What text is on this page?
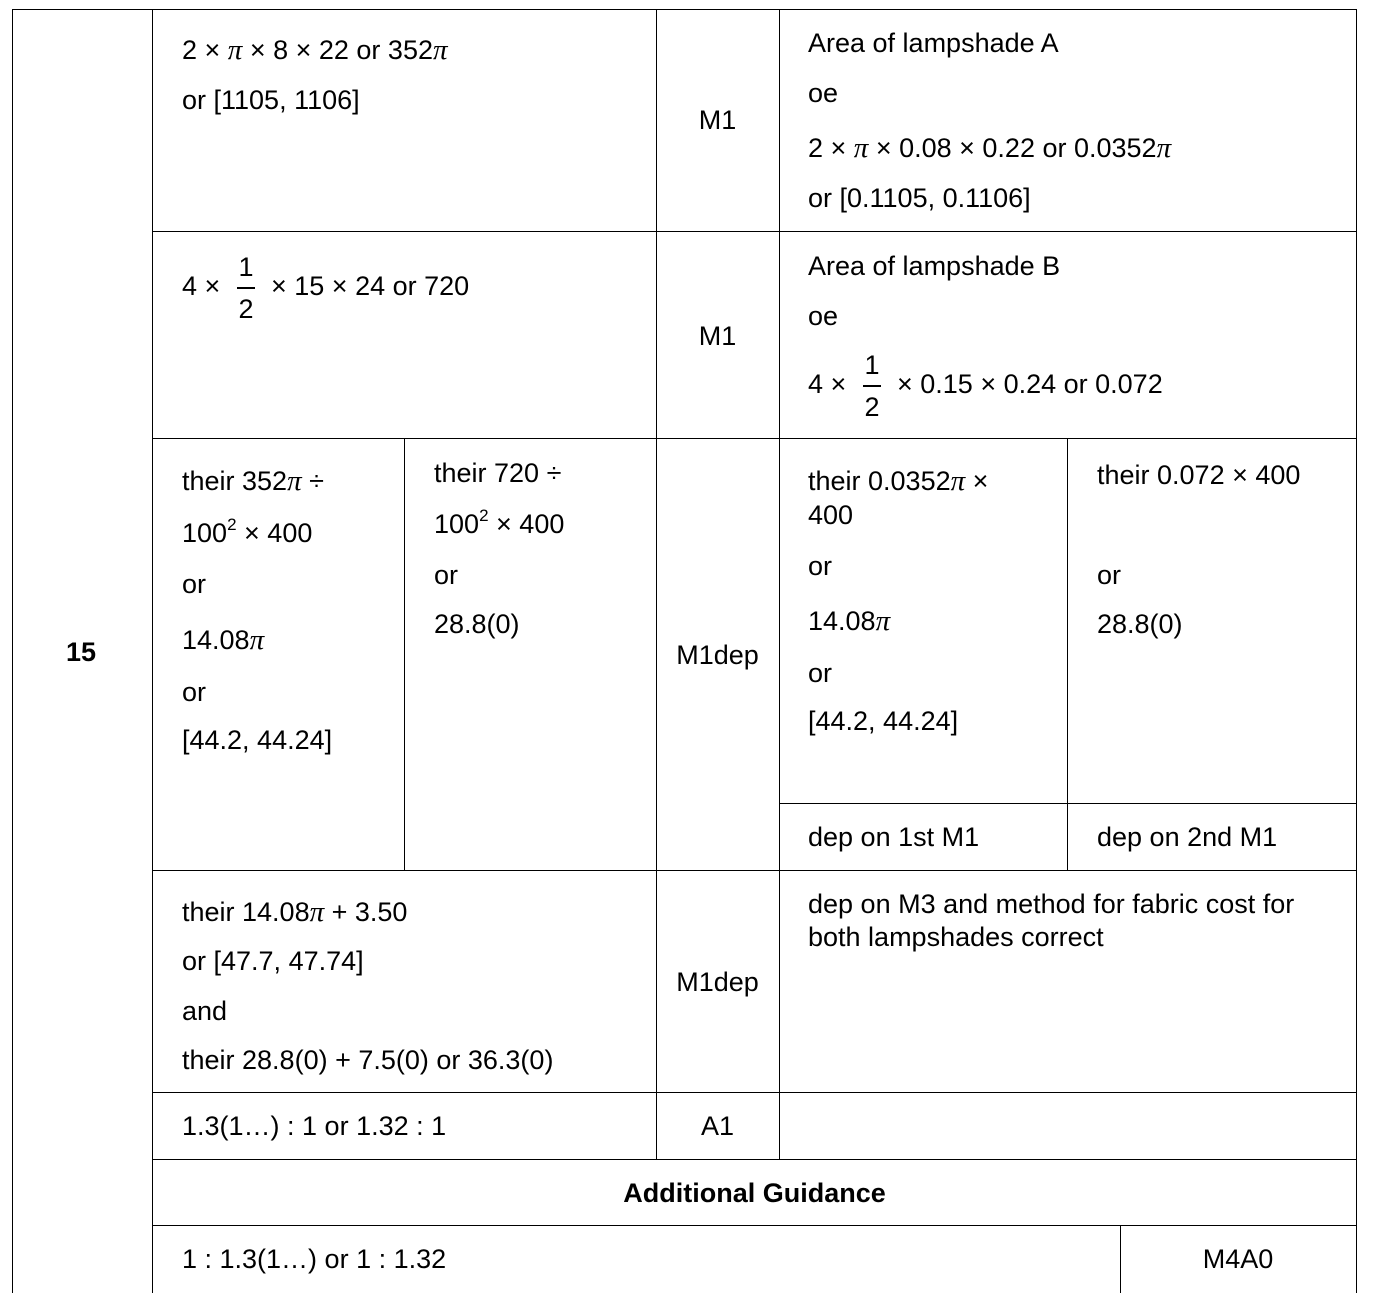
15
2 × π × 8 × 22 or 352π
or [1105, 1106]
M1
Area of lampshade A
oe
2 × π × 0.08 × 0.22 or 0.0352π
or [0.1105, 0.1106]
4 ×
1
2
× 15 × 24 or 720
M1
Area of lampshade B
oe
4 ×
1
2
× 0.15 × 0.24 or 0.072
their 352π ÷
$100^2 \times 400$
or
14.08π
or
[44.2, 44.24]
their 720 ÷
$100^2 \times 400$
or
28.8(0)
M1dep
their 0.0352π ×
400
or
14.08π
or
[44.2, 44.24]
dep on 1st M1
their 0.072 × 400
or
28.8(0)
dep on 2nd M1
their 14.08π + 3.50
or [47.7, 47.74]
and
their 28.8(0) + 7.5(0) or 36.3(0)
M1dep
dep on M3 and method for fabric cost for
both lampshades correct
1.3(1…) : 1 or 1.32 : 1	A1
Additional Guidance
1 : 1.3(1…) or 1 : 1.32	M4A0
